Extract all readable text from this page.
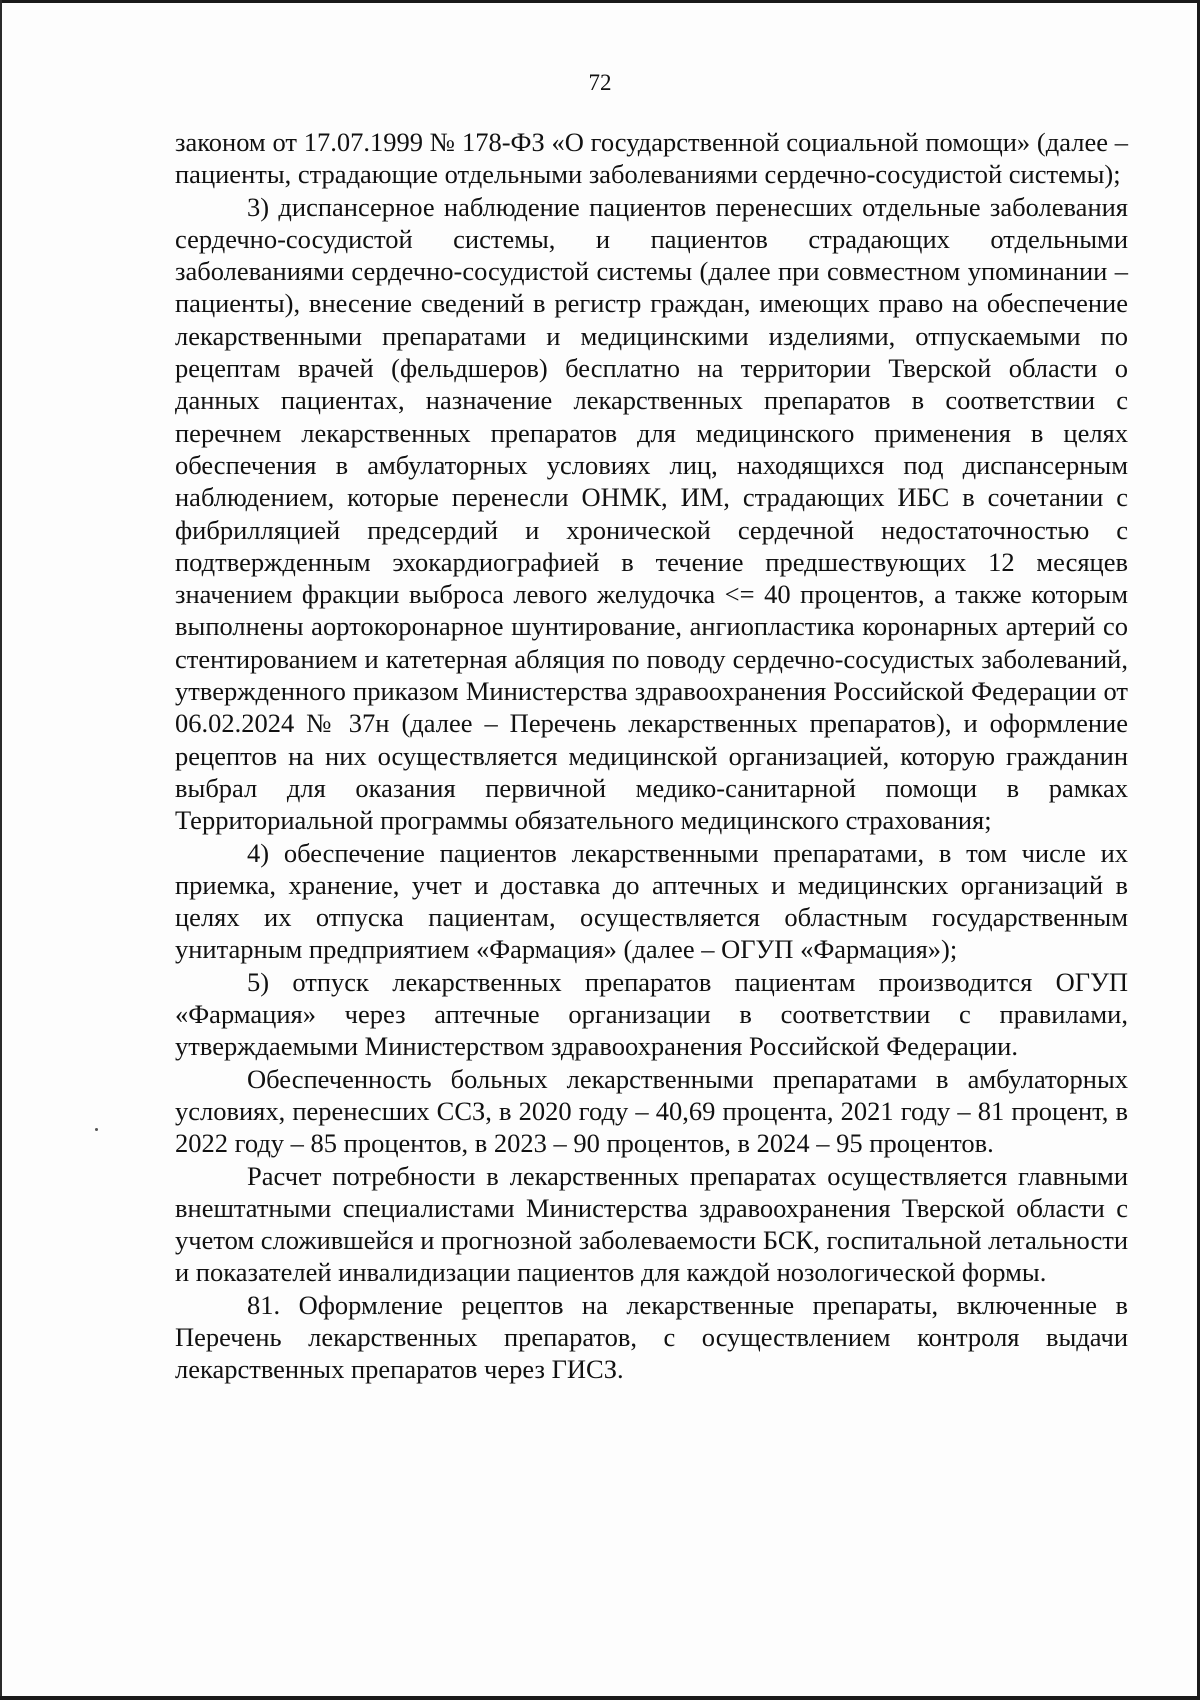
72

законом от 17.07.1999 № 178-ФЗ «О государственной социальной помощи» (далее – пациенты, страдающие отдельными заболеваниями сердечно-сосудистой системы);

3) диспансерное наблюдение пациентов перенесших отдельные заболевания сердечно-сосудистой системы, и пациентов страдающих отдельными заболеваниями сердечно-сосудистой системы (далее при совместном упоминании – пациенты), внесение сведений в регистр граждан, имеющих право на обеспечение лекарственными препаратами и медицинскими изделиями, отпускаемыми по рецептам врачей (фельдшеров) бесплатно на территории Тверской области о данных пациентах, назначение лекарственных препаратов в соответствии с перечнем лекарственных препаратов для медицинского применения в целях обеспечения в амбулаторных условиях лиц, находящихся под диспансерным наблюдением, которые перенесли ОНМК, ИМ, страдающих ИБС в сочетании с фибрилляцией предсердий и хронической сердечной недостаточностью с подтвержденным эхокардиографией в течение предшествующих 12 месяцев значением фракции выброса левого желудочка <= 40 процентов, а также которым выполнены аортокоронарное шунтирование, ангиопластика коронарных артерий со стентированием и катетерная абляция по поводу сердечно-сосудистых заболеваний, утвержденного приказом Министерства здравоохранения Российской Федерации от 06.02.2024 № 37н (далее – Перечень лекарственных препаратов), и оформление рецептов на них осуществляется медицинской организацией, которую гражданин выбрал для оказания первичной медико-санитарной помощи в рамках Территориальной программы обязательного медицинского страхования;

4) обеспечение пациентов лекарственными препаратами, в том числе их приемка, хранение, учет и доставка до аптечных и медицинских организаций в целях их отпуска пациентам, осуществляется областным государственным унитарным предприятием «Фармация» (далее – ОГУП «Фармация»);

5) отпуск лекарственных препаратов пациентам производится ОГУП «Фармация» через аптечные организации в соответствии с правилами, утверждаемыми Министерством здравоохранения Российской Федерации.

Обеспеченность больных лекарственными препаратами в амбулаторных условиях, перенесших ССЗ, в 2020 году – 40,69 процента, 2021 году – 81 процент, в 2022 году – 85 процентов, в 2023 – 90 процентов, в 2024 – 95 процентов.

Расчет потребности в лекарственных препаратах осуществляется главными внештатными специалистами Министерства здравоохранения Тверской области с учетом сложившейся и прогнозной заболеваемости БСК, госпитальной летальности и показателей инвалидизации пациентов для каждой нозологической формы.

81. Оформление рецептов на лекарственные препараты, включенные в Перечень лекарственных препаратов, с осуществлением контроля выдачи лекарственных препаратов через ГИСЗ.
